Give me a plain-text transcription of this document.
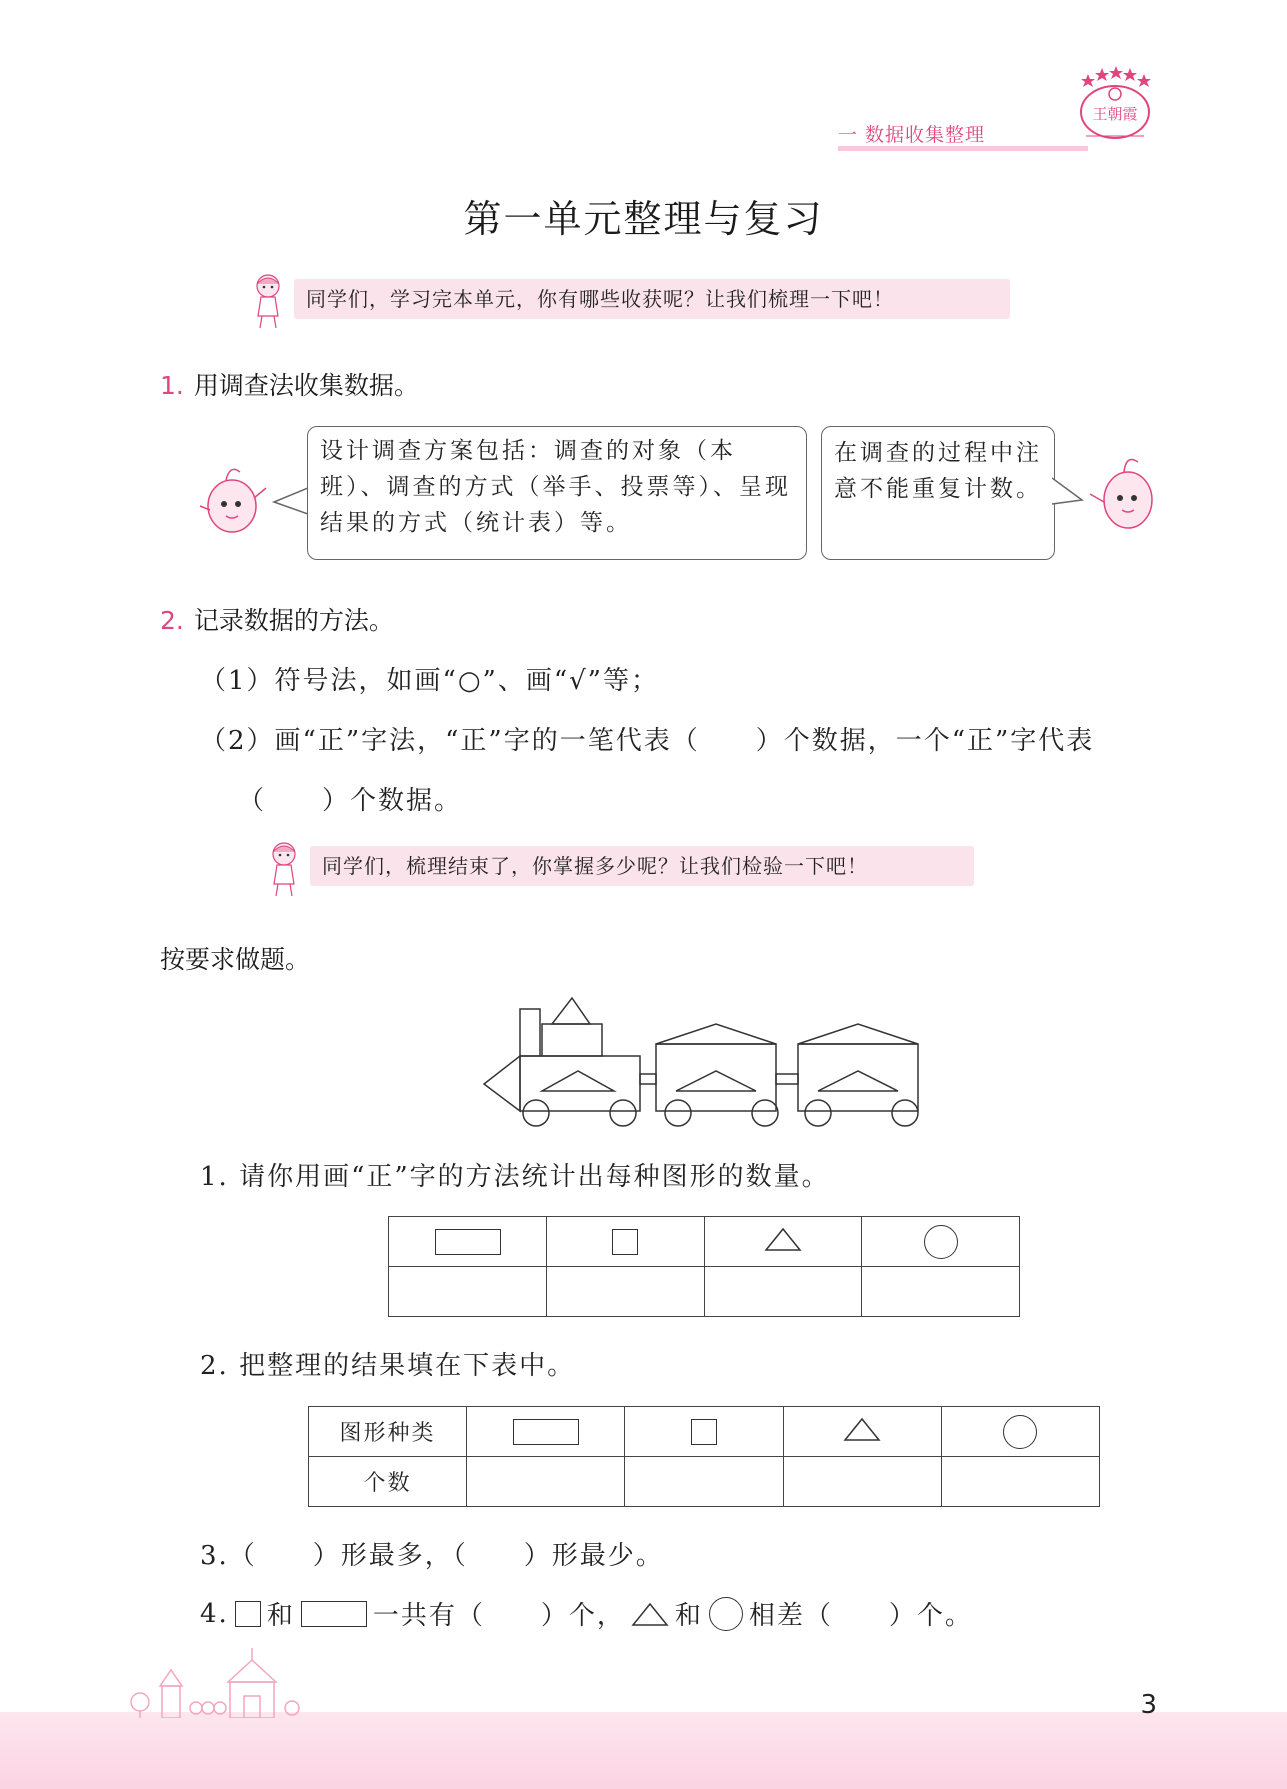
王朝霞
一 数据收集整理
第一单元整理与复习
同学们，学习完本单元，你有哪些收获呢？让我们梳理一下吧！
1. 用调查法收集数据。
设计调查方案包括：调查的对象（本班）、调查的方式（举手、投票等）、呈现结果的方式（统计表）等。
在调查的过程中注意不能重复计数。
2. 记录数据的方法。
（1）符号法，如画“○”、画“√”等；
（2）画“正”字法，“正”字的一笔代表（　　）个数据，一个“正”字代表
（　　）个数据。
同学们，梳理结束了，你掌握多少呢？让我们检验一下吧！
按要求做题。
1. 请你用画“正”字的方法统计出每种图形的数量。

2. 把整理的结果填在下表中。
图形种类				
个数				
3.（　　）形最多，（　　）形最少。
4. 和	一共有（　　）个， 和 相差（　　）个。
3
